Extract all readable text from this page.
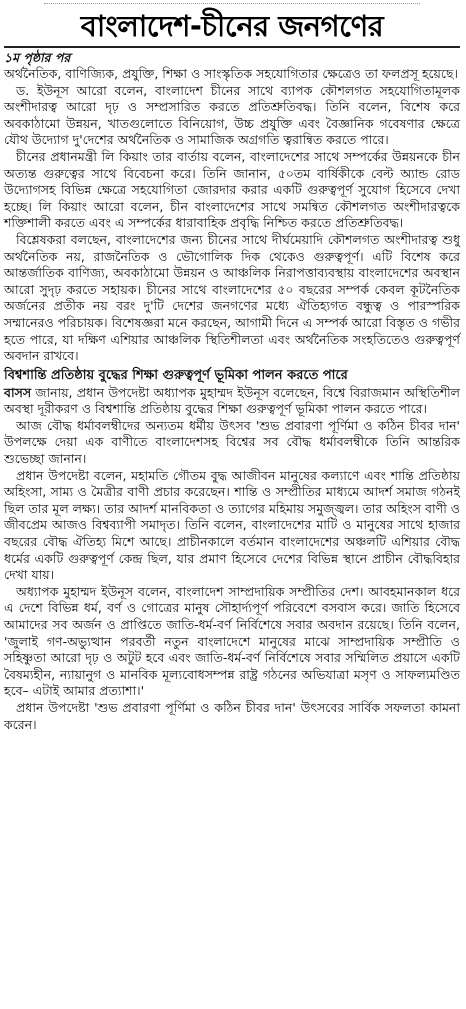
বাংলাদেশ-চীনের জনগণের
১ম পৃষ্ঠার পর

অর্থনৈতিক, বাণিজ্যিক, প্রযুক্তি, শিক্ষা ও সাংস্কৃতিক সহযোগিতার ক্ষেত্রেও তা ফলপ্রসূ হয়েছে।

ড. ইউনূস আরো বলেন, বাংলাদেশ চীনের সাথে ব্যাপক কৌশলগত সহযোগিতামূলক অংশীদারত্ব আরো দৃঢ় ও সম্প্রসারিত করতে প্রতিশ্রুতিবদ্ধ। তিনি বলেন, বিশেষ করে অবকাঠামো উন্নয়ন, খাতগুলোতে বিনিয়োগ, উচ্চ প্রযুক্তি এবং বৈজ্ঞানিক গবেষণার ক্ষেত্রে যৌথ উদ্যোগ দু'দেশের অর্থনৈতিক ও সামাজিক অগ্রগতি ত্বরান্বিত করতে পারে।

চীনের প্রধানমন্ত্রী লি কিয়াং তার বার্তায় বলেন, বাংলাদেশের সাথে সম্পর্কের উন্নয়নকে চীন অত্যন্ত গুরুত্বের সাথে বিবেচনা করে। তিনি জানান, ৫০তম বার্ষিকীকে বেল্ট অ্যান্ড রোড উদ্যোগসহ বিভিন্ন ক্ষেত্রে সহযোগিতা জোরদার করার একটি গুরুত্বপূর্ণ সুযোগ হিসেবে দেখা হচ্ছে। লি কিয়াং আরো বলেন, চীন বাংলাদেশের সাথে সমন্বিত কৌশলগত অংশীদারত্বকে শক্তিশালী করতে এবং এ সম্পর্কের ধারাবাহিক প্রবৃদ্ধি নিশ্চিত করতে প্রতিশ্রুতিবদ্ধ।

বিশ্লেষকরা বলছেন, বাংলাদেশের জন্য চীনের সাথে দীর্ঘমেয়াদি কৌশলগত অংশীদারত্ব শুধু অর্থনৈতিক নয়, রাজনৈতিক ও ভৌগোলিক দিক থেকেও গুরুত্বপূর্ণ। এটি বিশেষ করে আন্তর্জাতিক বাণিজ্য, অবকাঠামো উন্নয়ন ও আঞ্চলিক নিরাপত্তাব্যবস্থায় বাংলাদেশের অবস্থান আরো সুদৃঢ় করতে সহায়ক। চীনের সাথে বাংলাদেশের ৫০ বছরের সম্পর্ক কেবল কূটনৈতিক অর্জনের প্রতীক নয় বরং দু'টি দেশের জনগণের মধ্যে ঐতিহ্যগত বন্ধুত্ব ও পারস্পরিক সম্মানেরও পরিচায়ক। বিশেষজ্ঞরা মনে করছেন, আগামী দিনে এ সম্পর্ক আরো বিস্তৃত ও গভীর হতে পারে, যা দক্ষিণ এশিয়ার আঞ্চলিক স্থিতিশীলতা এবং অর্থনৈতিক সংহতিতেও গুরুত্বপূর্ণ অবদান রাখবে।

বিশ্বশান্তি প্রতিষ্ঠায় বুদ্ধের শিক্ষা গুরুত্বপূর্ণ ভূমিকা পালন করতে পারে

বাসস জানায়, প্রধান উপদেষ্টা অধ্যাপক মুহাম্মদ ইউনূস বলেছেন, বিশ্বে বিরাজমান অস্থিতিশীল অবস্থা দূরীকরণ ও বিশ্বশান্তি প্রতিষ্ঠায় বুদ্ধের শিক্ষা গুরুত্বপূর্ণ ভূমিকা পালন করতে পারে।

আজ বৌদ্ধ ধর্মাবলম্বীদের অন্যতম ধর্মীয় উৎসব 'শুভ প্রবারণা পূর্ণিমা ও কঠিন চীবর দান' উপলক্ষে দেয়া এক বাণীতে বাংলাদেশসহ বিশ্বের সব বৌদ্ধ ধর্মাবলম্বীকে তিনি আন্তরিক শুভেচ্ছা জানান।

প্রধান উপদেষ্টা বলেন, মহামতি গৌতম বুদ্ধ আজীবন মানুষের কল্যাণে এবং শান্তি প্রতিষ্ঠায় অহিংসা, সাম্য ও মৈত্রীর বাণী প্রচার করেছেন। শান্তি ও সম্প্রীতির মাধ্যমে আদর্শ সমাজ গঠনই ছিল তার মূল লক্ষ্য। তার আদর্শ মানবিকতা ও ত্যাগের মহিমায় সমুজ্জ্বল। তার অহিংস বাণী ও জীবপ্রেম আজও বিশ্বব্যাপী সমাদৃত। তিনি বলেন, বাংলাদেশের মাটি ও মানুষের সাথে হাজার বছরের বৌদ্ধ ঐতিহ্য মিশে আছে। প্রাচীনকালে বর্তমান বাংলাদেশের অঞ্চলটি এশিয়ার বৌদ্ধ ধর্মের একটি গুরুত্বপূর্ণ কেন্দ্র ছিল, যার প্রমাণ হিসেবে দেশের বিভিন্ন স্থানে প্রাচীন বৌদ্ধবিহার দেখা যায়।

অধ্যাপক মুহাম্মদ ইউনূস বলেন, বাংলাদেশ সাম্প্রদায়িক সম্প্রীতির দেশ। আবহমানকাল ধরে এ দেশে বিভিন্ন ধর্ম, বর্ণ ও গোত্রের মানুষ সৌহার্দ্যপূর্ণ পরিবেশে বসবাস করে। জাতি হিসেবে আমাদের সব অর্জন ও প্রাপ্তিতে জাতি-ধর্ম-বর্ণ নির্বিশেষে সবার অবদান রয়েছে। তিনি বলেন, 'জুলাই গণ-অভ্যুত্থান পরবর্তী নতুন বাংলাদেশে মানুষের মাঝে সাম্প্রদায়িক সম্প্রীতি ও সহিষ্ণুতা আরো দৃঢ় ও অটুট হবে এবং জাতি-ধর্ম-বর্ণ নির্বিশেষে সবার সম্মিলিত প্রয়াসে একটি বৈষম্যহীন, ন্যায়ানুগ ও মানবিক মূল্যবোধসম্পন্ন রাষ্ট্র গঠনের অভিযাত্রা মসৃণ ও সাফল্যমণ্ডিত হবে– এটাই আমার প্রত্যাশা।'

প্রধান উপদেষ্টা 'শুভ প্রবারণা পূর্ণিমা ও কঠিন চীবর দান' উৎসবের সার্বিক সফলতা কামনা করেন।
